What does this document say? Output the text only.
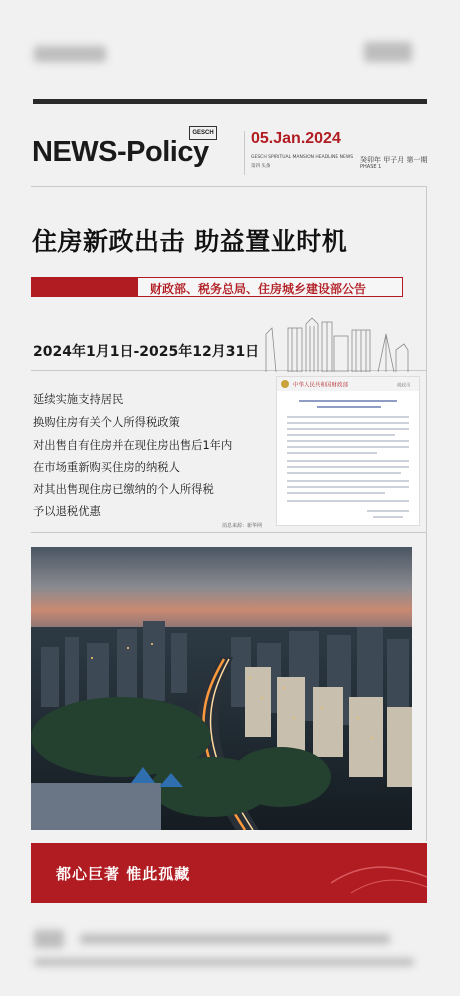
NEWS-Policy
GESCH 05.Jan.2024
GESCH SPIRITUAL MANSION HEADLINE NEWS
第四 头条
癸卯年 甲子月 第一期
PHASE 1
住房新政出击 助益置业时机
财政部、税务总局、住房城乡建设部公告
2024年1月1日-2025年12月31日
延续实施支持居民
换购住房有关个人所得税政策
对出售自有住房并在现住房出售后1年内
在市场重新购买住房的纳税人
对其出售现住房已缴纳的个人所得税
予以退税优惠
消息来源：新华网
中华人民共和国财政部	税政司
都心巨著 惟此孤藏
